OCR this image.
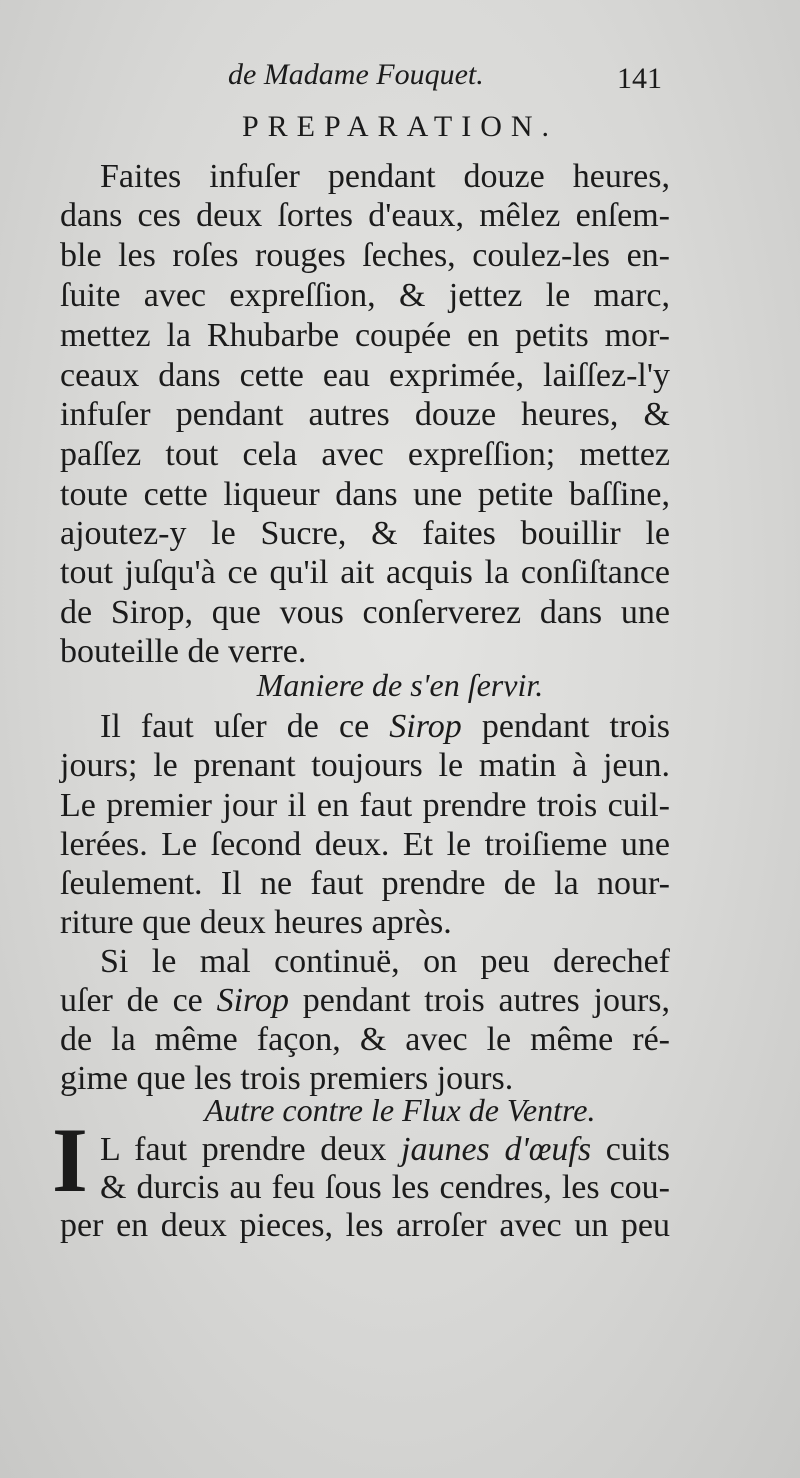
de Madame Fouquet.	141
PREPARATION.
Faites infuſer pendant douze heures,
dans ces deux ſortes d'eaux, mêlez enſem-
ble les roſes rouges ſeches, coulez-les en-
ſuite avec expreſſion, & jettez le marc,
mettez la Rhubarbe coupée en petits mor-
ceaux dans cette eau exprimée, laiſſez-l'y
infuſer pendant autres douze heures, &
paſſez tout cela avec expreſſion; mettez
toute cette liqueur dans une petite baſſine,
ajoutez-y le Sucre, & faites bouillir le
tout juſqu'à ce qu'il ait acquis la conſiſtance
de Sirop, que vous conſerverez dans une
bouteille de verre.
Maniere de s'en ſervir.
Il faut uſer de ce Sirop pendant trois
jours; le prenant toujours le matin à jeun.
Le premier jour il en faut prendre trois cuil-
lerées. Le ſecond deux. Et le troiſieme une
ſeulement. Il ne faut prendre de la nour-
riture que deux heures après.
Si le mal continuë, on peu derechef
uſer de ce Sirop pendant trois autres jours,
de la même façon, & avec le même ré-
gime que les trois premiers jours.
Autre contre le Flux de Ventre.
I L faut prendre deux jaunes d'œufs cuits
& durcis au feu ſous les cendres, les cou-
per en deux pieces, les arroſer avec un peu
